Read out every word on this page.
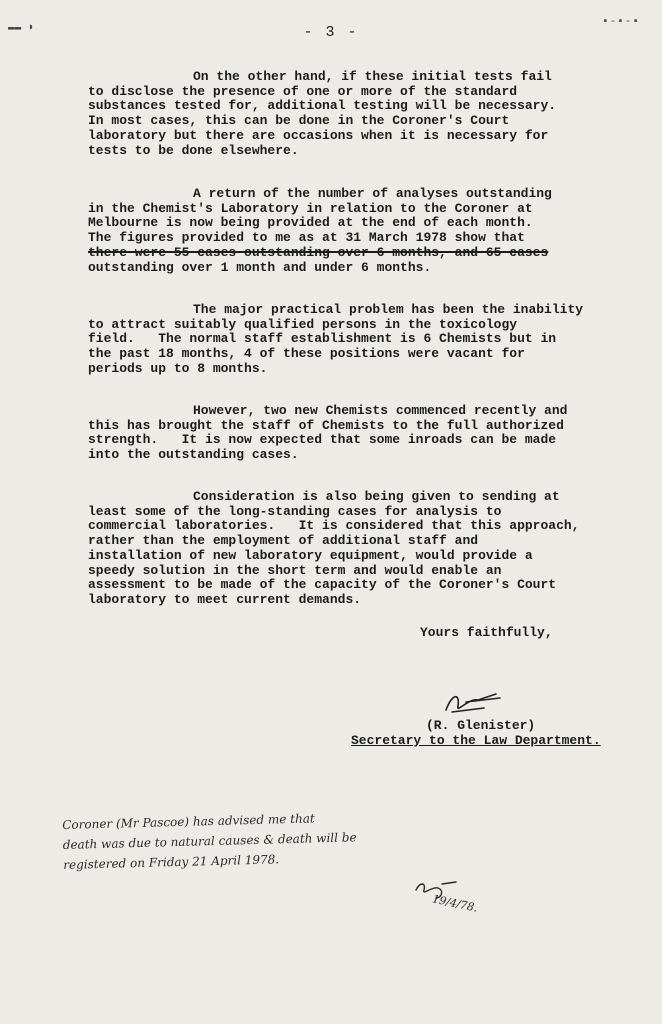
▬▬ ◗	▪-▪-▪
- 3 -
On the other hand, if these initial tests fail
to disclose the presence of one or more of the standard
substances tested for, additional testing will be necessary.
In most cases, this can be done in the Coroner's Court
laboratory but there are occasions when it is necessary for
tests to be done elsewhere.
A return of the number of analyses outstanding
in the Chemist's Laboratory in relation to the Coroner at
Melbourne is now being provided at the end of each month.
The figures provided to me as at 31 March 1978 show that
there were 55 cases outstanding over 6 months, and 65 cases
outstanding over 1 month and under 6 months.
The major practical problem has been the inability
to attract suitably qualified persons in the toxicology
field.   The normal staff establishment is 6 Chemists but in
the past 18 months, 4 of these positions were vacant for
periods up to 8 months.
However, two new Chemists commenced recently and
this has brought the staff of Chemists to the full authorized
strength.   It is now expected that some inroads can be made
into the outstanding cases.
Consideration is also being given to sending at
least some of the long-standing cases for analysis to
commercial laboratories.   It is considered that this approach,
rather than the employment of additional staff and
installation of new laboratory equipment, would provide a
speedy solution in the short term and would enable an
assessment to be made of the capacity of the Coroner's Court
laboratory to meet current demands.
Yours faithfully,
(R. Glenister)
Secretary to the Law Department.
Coroner (Mr Pascoe) has advised me that
death was due to natural causes & death will be
registered on Friday 21 April 1978.
19/4/78.
